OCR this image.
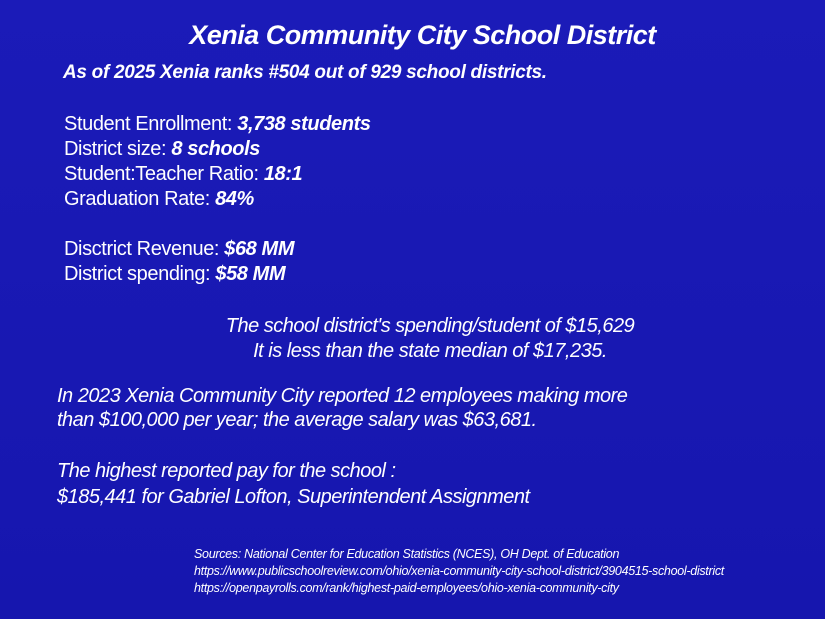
Xenia Community City School District
As of 2025 Xenia ranks #504 out of 929 school districts.
Student Enrollment: 3,738 students
District size: 8 schools
Student:Teacher Ratio: 18:1
Graduation Rate: 84%
Disctrict Revenue: $68 MM
District spending: $58 MM
The school district's spending/student of $15,629
It is less than the state median of $17,235.
In 2023 Xenia Community City reported 12 employees making more
than $100,000 per year; the average salary was $63,681.
The highest reported pay for the school :
$185,441 for Gabriel Lofton, Superintendent Assignment
Sources: National Center for Education Statistics (NCES), OH Dept. of Education
https://www.publicschoolreview.com/ohio/xenia-community-city-school-district/3904515-school-district
https://openpayrolls.com/rank/highest-paid-employees/ohio-xenia-community-city
